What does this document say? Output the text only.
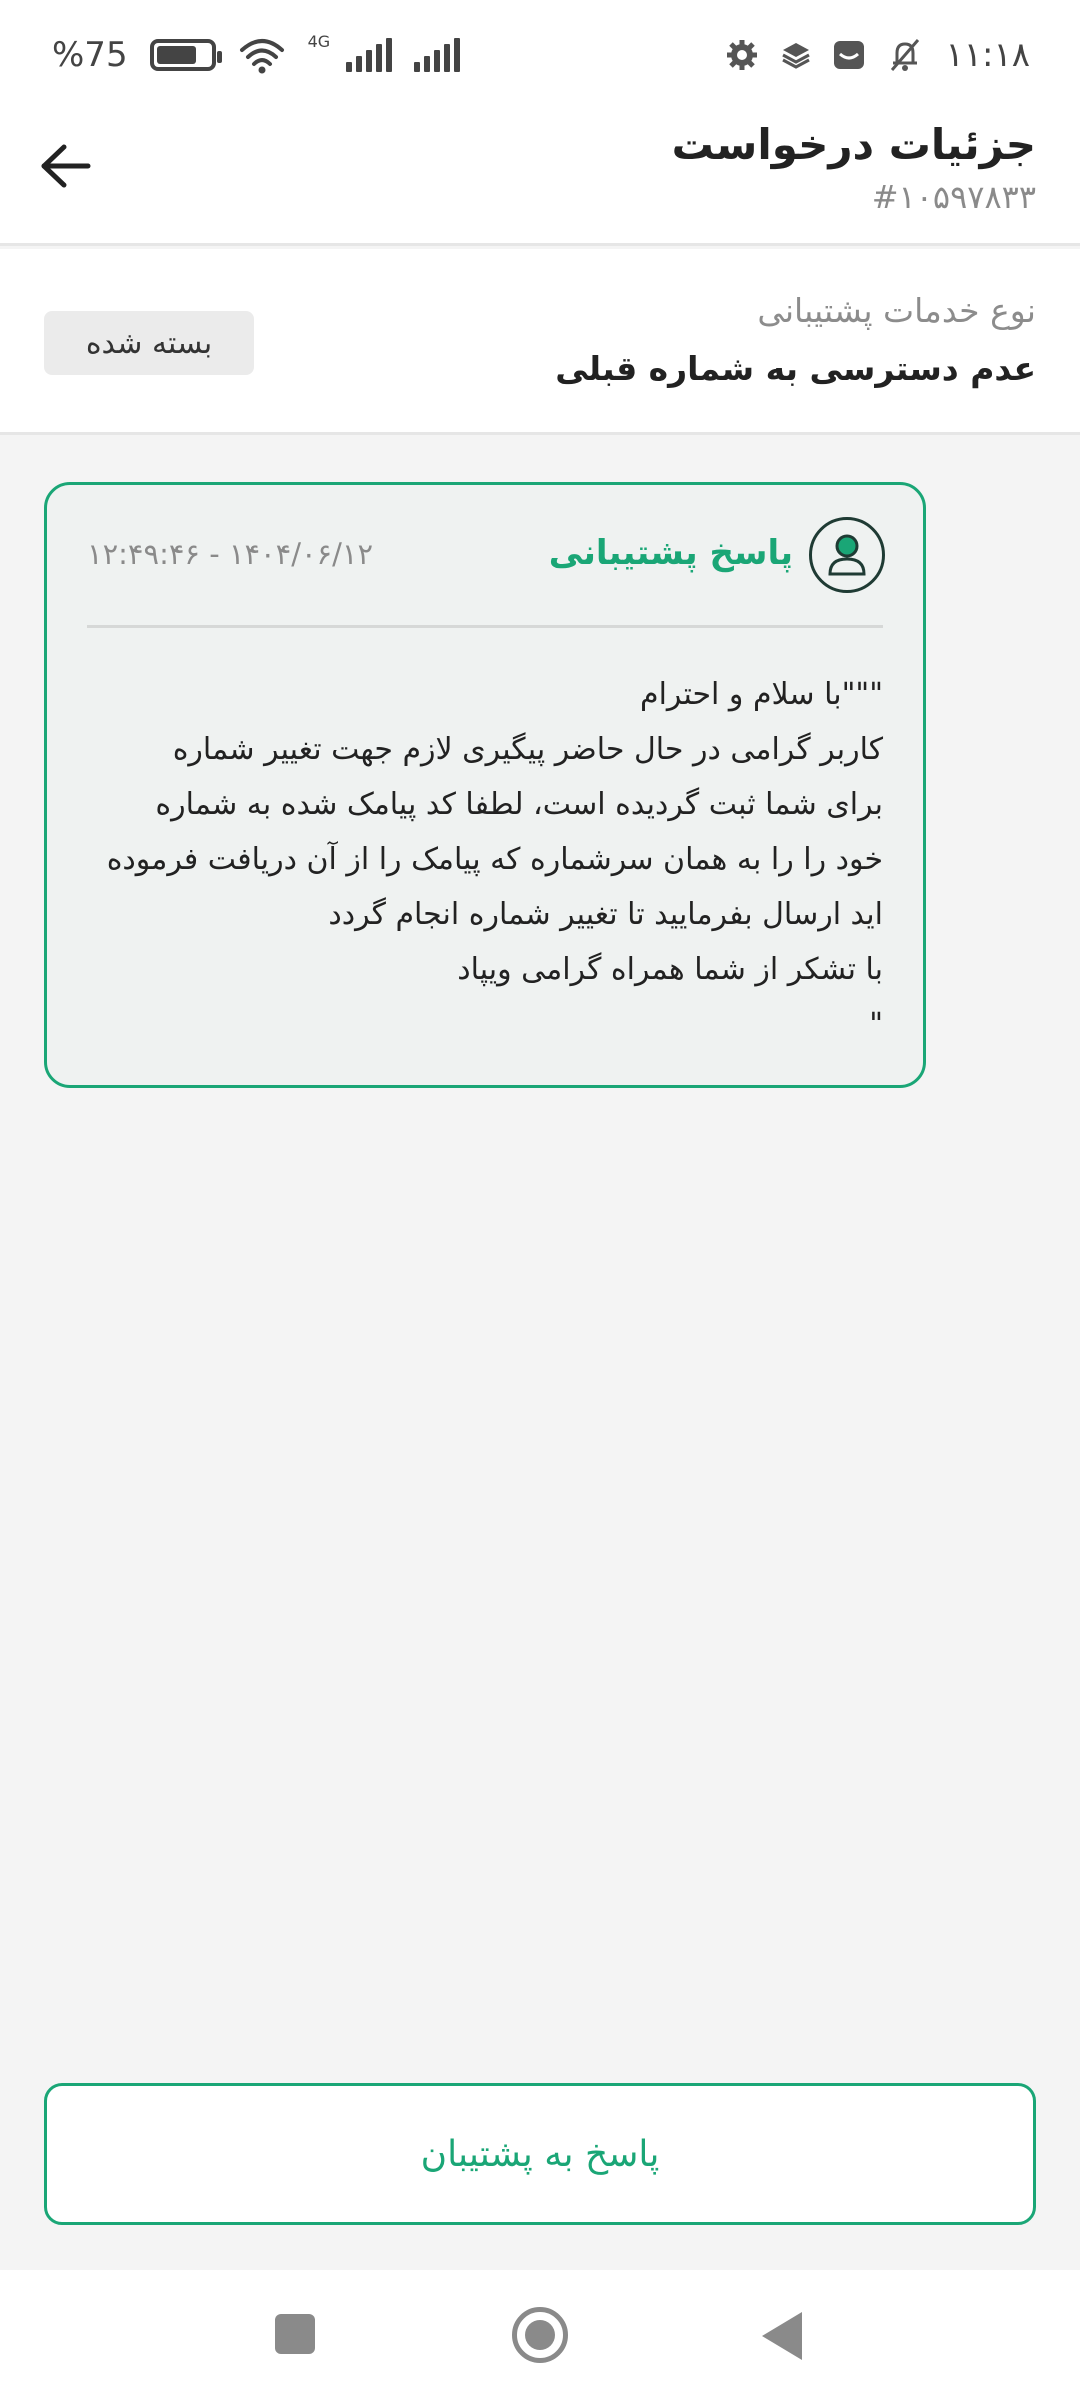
%75	4G	۱۱:۱۸
جزئیات درخواست
#۱۰۵۹۷۸۳۳
نوع خدمات پشتیبانی
عدم دسترسی به شماره قبلی
بسته شده
پاسخ پشتیبانی
۱۴۰۴/۰۶/۱۲ - ۱۲:۴۹:۴۶
"""با سلام و احترام
کاربر گرامی در حال حاضر پیگیری لازم جهت تغییر شماره
برای شما ثبت گردیده است، لطفا کد پیامک شده به شماره
خود را را به همان سرشماره که پیامک را از آن دریافت فرموده
اید ارسال بفرمایید تا تغییر شماره انجام گردد
با تشکر از شما همراه گرامی ویپاد
"
پاسخ به پشتیبان
